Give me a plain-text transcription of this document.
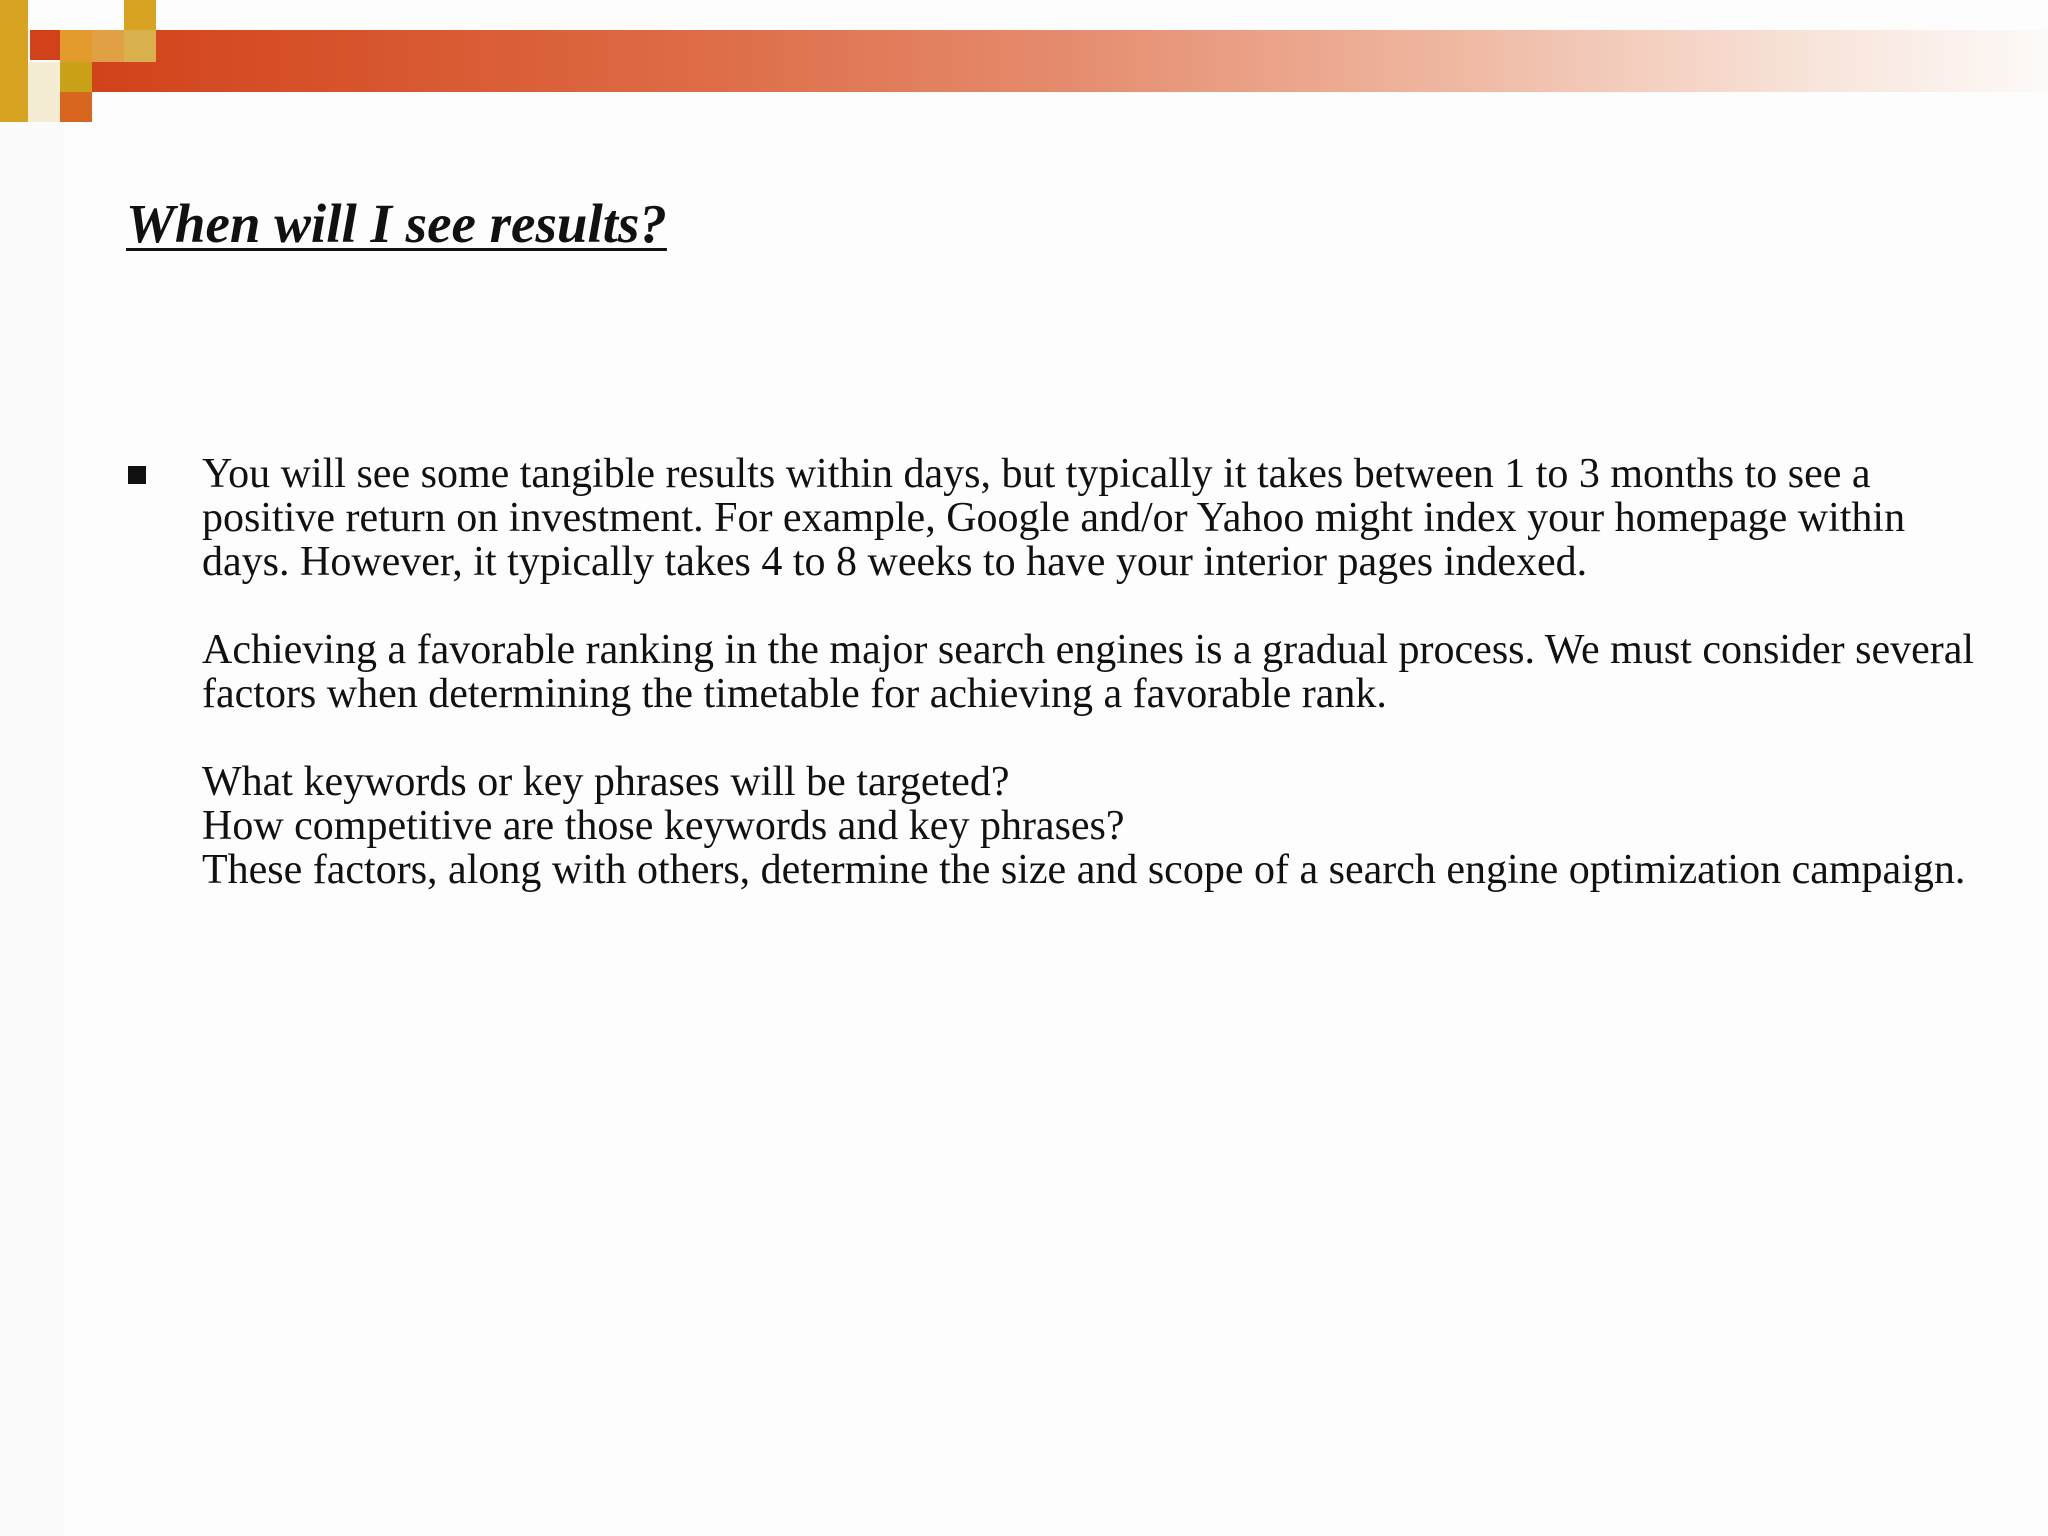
When will I see results?

You will see some tangible results within days, but typically it takes between 1 to 3 months to see a positive return on investment. For example, Google and/or Yahoo might index your homepage within days. However, it typically takes 4 to 8 weeks to have your interior pages indexed.

Achieving a favorable ranking in the major search engines is a gradual process. We must consider several factors when determining the timetable for achieving a favorable rank.

What keywords or key phrases will be targeted?

How competitive are those keywords and key phrases?

These factors, along with others, determine the size and scope of a search engine optimization campaign.
